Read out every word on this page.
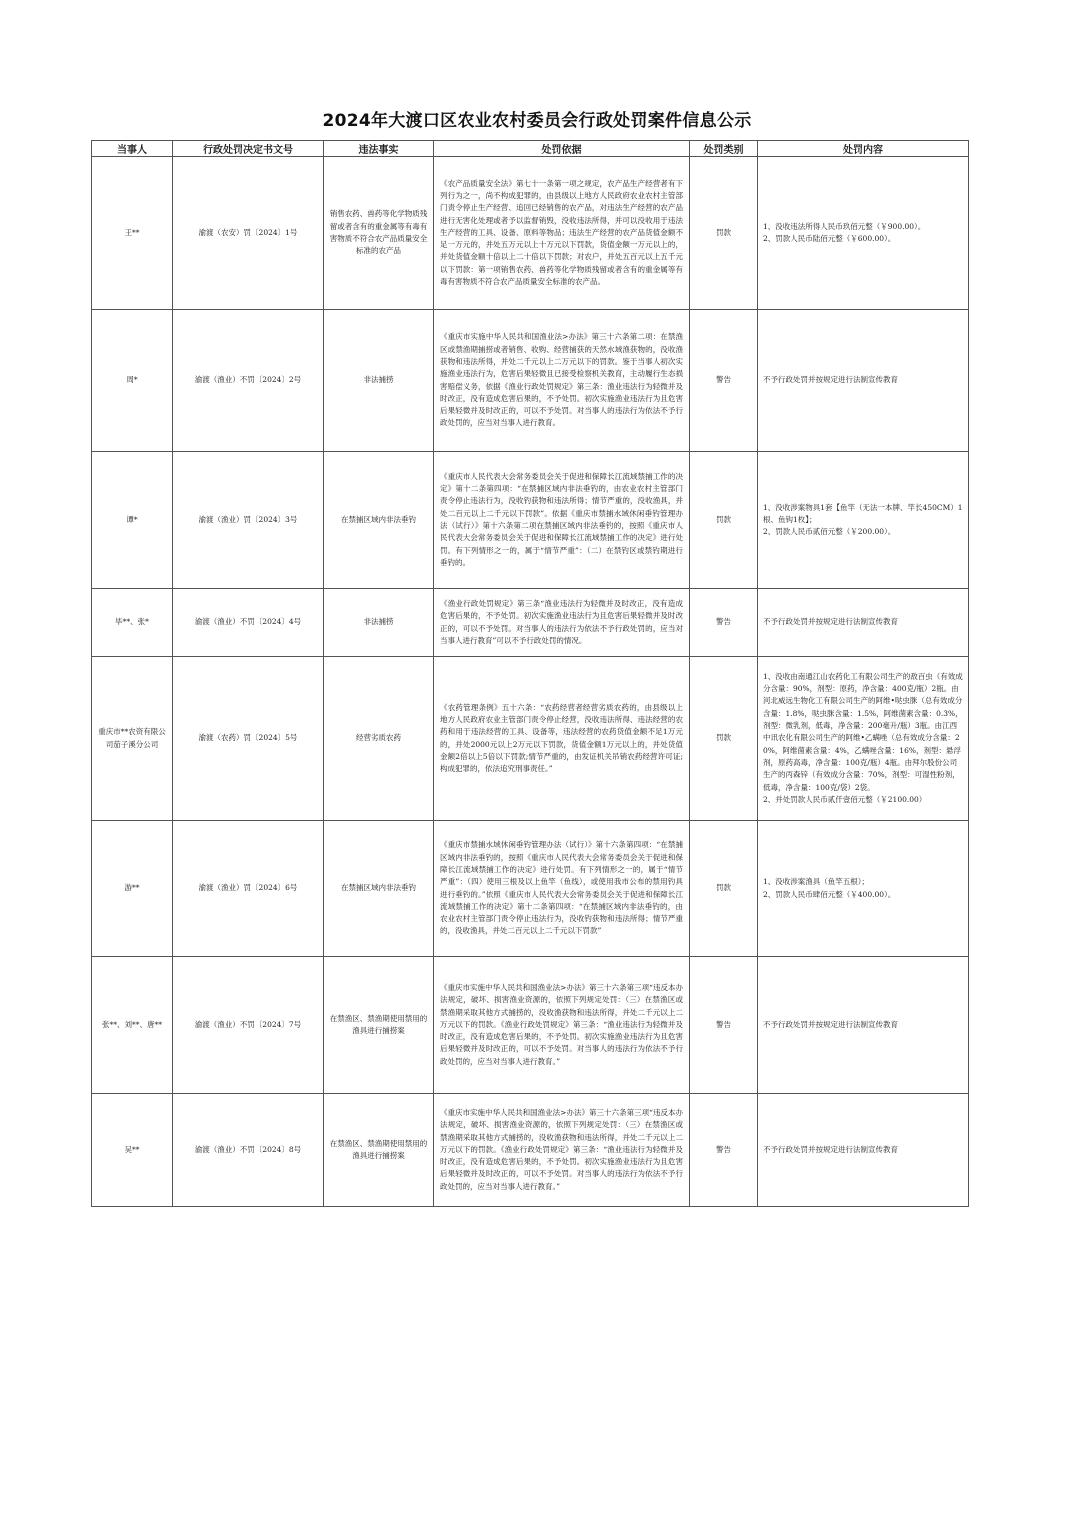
2024年大渡口区农业农村委员会行政处罚案件信息公示
当事人	行政处罚决定书文号	违法事实	处罚依据	处罚类别	处罚内容
王**	渝渡（农安）罚〔2024〕1号	销售农药、兽药等化学物质残留或者含有的重金属等有毒有害物质不符合农产品质量安全标准的农产品	《农产品质量安全法》第七十一条第一项之规定，农产品生产经营者有下列行为之一，尚不构成犯罪的，由县级以上地方人民政府农业农村主管部门责令停止生产经营、追回已经销售的农产品，对违法生产经营的农产品进行无害化处理或者予以监督销毁，没收违法所得，并可以没收用于违法生产经营的工具、设备、原料等物品；违法生产经营的农产品货值金额不足一万元的，并处五万元以上十万元以下罚款，货值金额一万元以上的，并处货值金额十倍以上二十倍以下罚款；对农户，并处五百元以上五千元以下罚款：第一项销售农药、兽药等化学物质残留或者含有的重金属等有毒有害物质不符合农产品质量安全标准的农产品。	罚款	1、没收违法所得人民币玖佰元整（￥900.00）。
2、罚款人民币陆佰元整（￥600.00）。

周*	渝渡（渔业）不罚〔2024〕2号	非法捕捞	《重庆市实施中华人民共和国渔业法>办法》第三十六条第二项：在禁渔区或禁渔期捕捞或者销售、收购、经营捕获的天然水域渔获物的，没收渔获物和违法所得，并处二千元以上二万元以下的罚款。鉴于当事人初次实施渔业违法行为，危害后果轻微且已接受检察机关教育，主动履行生态损害赔偿义务，依据《渔业行政处罚规定》第三条：渔业违法行为轻微并及时改正，没有造成危害后果的，不予处罚。初次实施渔业违法行为且危害后果轻微并及时改正的，可以不予处罚。对当事人的违法行为依法不予行政处罚的，应当对当事人进行教育。	警告	不予行政处罚并按规定进行法制宣传教育

谭*	渝渡（渔业）罚〔2024〕3号	在禁捕区域内非法垂钓	《重庆市人民代表大会常务委员会关于促进和保障长江流域禁捕工作的决定》第十二条第四项：“在禁捕区域内非法垂钓的，由农业农村主管部门责令停止违法行为，没收钓获物和违法所得；情节严重的，没收渔具，并处二百元以上二千元以下罚款”。依据《重庆市禁捕水域休闲垂钓管理办法（试行）》第十六条第二项在禁捕区域内非法垂钓的，按照《重庆市人民代表大会常务委员会关于促进和保障长江流域禁捕工作的决定》进行处罚。有下列情形之一的，属于“情节严重”：（二）在禁钓区或禁钓期进行垂钓的。	罚款	1、没收涉案物具1套【鱼竿（无法一本牌、竿长450CM）1根、鱼钩1枚】；
2、罚款人民币贰佰元整（￥200.00）。

毕**、张*	渝渡（渔业）不罚〔2024〕4号	非法捕捞	《渔业行政处罚规定》第三条“渔业违法行为轻微并及时改正，没有造成危害后果的，不予处罚。初次实施渔业违法行为且危害后果轻微并及时改正的，可以不予处罚。对当事人的违法行为依法不予行政处罚的，应当对当事人进行教育”可以不予行政处罚的情况。	警告	不予行政处罚并按规定进行法制宣传教育

重庆市**农资有限公司茄子溪分公司	渝渡（农药）罚〔2024〕5号	经营劣质农药	《农药管理条例》五十六条：“农药经营者经营劣质农药的，由县级以上地方人民政府农业主管部门责令停止经营，没收违法所得、违法经营的农药和用于违法经营的工具、设备等，违法经营的农药货值金额不足1万元的，并处2000元以上2万元以下罚款，货值金额1万元以上的，并处货值金额2倍以上5倍以下罚款;情节严重的，由发证机关吊销农药经营许可证;构成犯罪的，依法追究刑事责任。”	罚款	1、没收由南通江山农药化工有限公司生产的敌百虫（有效成分含量：90%，剂型：原药，净含量：400克/瓶）2瓶。由河北威远生物化工有限公司生产的阿维•哒虫脒（总有效成分含量：1.8%，哒虫脒含量：1.5%，阿维菌素含量：0.3%，剂型：微乳剂，低毒，净含量：200毫升/瓶）3瓶。由江西中讯农化有限公司生产的阿维•乙螨唑（总有效成分含量：20%，阿维菌素含量：4%，乙螨唑含量：16%，剂型：悬浮剂，原药高毒，净含量：100克/瓶）4瓶。由拜尔股份公司生产的丙森锌（有效成分含量：70%，剂型：可湿性粉剂，低毒，净含量：100克/袋）2袋。
2、并处罚款人民币贰仟壹佰元整（￥2100.00）

游**	渝渡（渔业）罚〔2024〕6号	在禁捕区域内非法垂钓	《重庆市禁捕水域休闲垂钓管理办法（试行）》第十六条第四项：“在禁捕区域内非法垂钓的，按照《重庆市人民代表大会常务委员会关于促进和保障长江流域禁捕工作的决定》进行处罚。有下列情形之一的，属于“情节严重”：（四）使用三根及以上鱼竿（鱼线），或使用我市公布的禁用钓具进行垂钓的。”依照《重庆市人民代表大会常务委员会关于促进和保障长江流域禁捕工作的决定》第十二条第四项：“在禁捕区域内非法垂钓的，由农业农村主管部门责令停止违法行为，没收钓获物和违法所得；情节严重的，没收渔具，并处二百元以上二千元以下罚款”	罚款	1、没收涉案渔具（鱼竿五根）；
2、罚款人民币肆佰元整（￥400.00）。

张**、刘**、唐**	渝渡（渔业）不罚〔2024〕7号	在禁渔区、禁渔期使用禁用的渔具进行捕捞案	《重庆市实施中华人民共和国渔业法>办法》第三十六条第三项“违反本办法规定，破坏、损害渔业资源的，依照下列规定处罚：（三）在禁渔区或禁渔期采取其他方式捕捞的，没收渔获物和违法所得，并处二千元以上二万元以下的罚款。《渔业行政处罚规定》第三条：“渔业违法行为轻微并及时改正，没有造成危害后果的，不予处罚。初次实施渔业违法行为且危害后果轻微并及时改正的，可以不予处罚。对当事人的违法行为依法不予行政处罚的，应当对当事人进行教育。”	警告	不予行政处罚并按规定进行法制宣传教育

吴**	渝渡（渔业）不罚〔2024〕8号	在禁渔区、禁渔期使用禁用的渔具进行捕捞案	《重庆市实施中华人民共和国渔业法>办法》第三十六条第三项“违反本办法规定，破坏、损害渔业资源的，依照下列规定处罚：（三）在禁渔区或禁渔期采取其他方式捕捞的，没收渔获物和违法所得，并处二千元以上二万元以下的罚款。《渔业行政处罚规定》第三条：“渔业违法行为轻微并及时改正，没有造成危害后果的，不予处罚。初次实施渔业违法行为且危害后果轻微并及时改正的，可以不予处罚。对当事人的违法行为依法不予行政处罚的，应当对当事人进行教育。”	警告	不予行政处罚并按规定进行法制宣传教育
